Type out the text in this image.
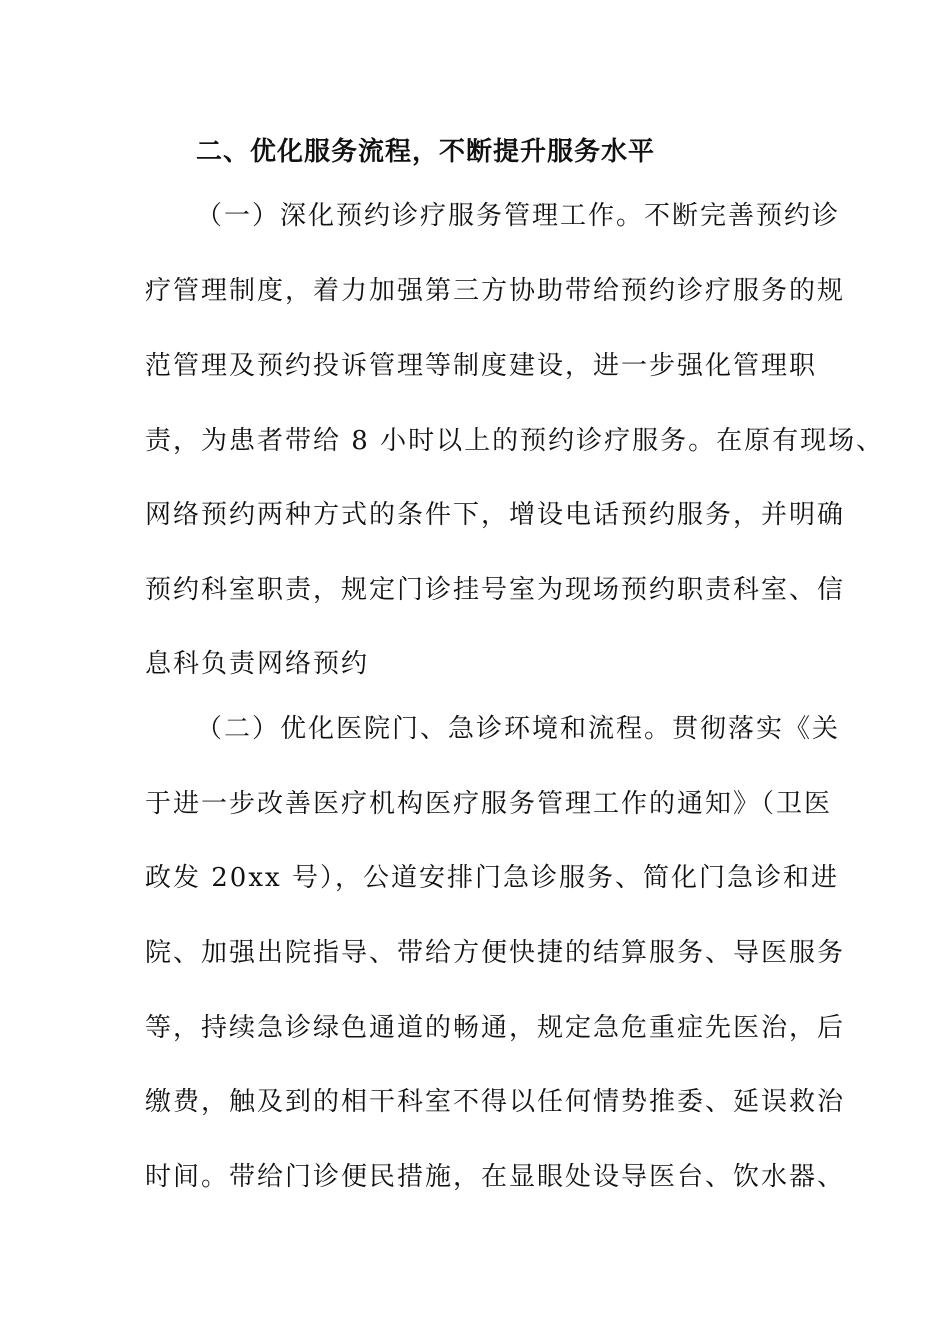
二、优化服务流程，不断提升服务水平
（一）深化预约诊疗服务管理工作。不断完善预约诊
疗管理制度，着力加强第三方协助带给预约诊疗服务的规
范管理及预约投诉管理等制度建设，进一步强化管理职
责，为患者带给 8 小时以上的预约诊疗服务。在原有现场、
网络预约两种方式的条件下，增设电话预约服务，并明确
预约科室职责，规定门诊挂号室为现场预约职责科室、信
息科负责网络预约
（二）优化医院门、急诊环境和流程。贯彻落实《关
于进一步改善医疗机构医疗服务管理工作的通知》（卫医
政发 20xx 号），公道安排门急诊服务、简化门急诊和进
院、加强出院指导、带给方便快捷的结算服务、导医服务
等，持续急诊绿色通道的畅通，规定急危重症先医治，后
缴费，触及到的相干科室不得以任何情势推委、延误救治
时间。带给门诊便民措施，在显眼处设导医台、饮水器、
